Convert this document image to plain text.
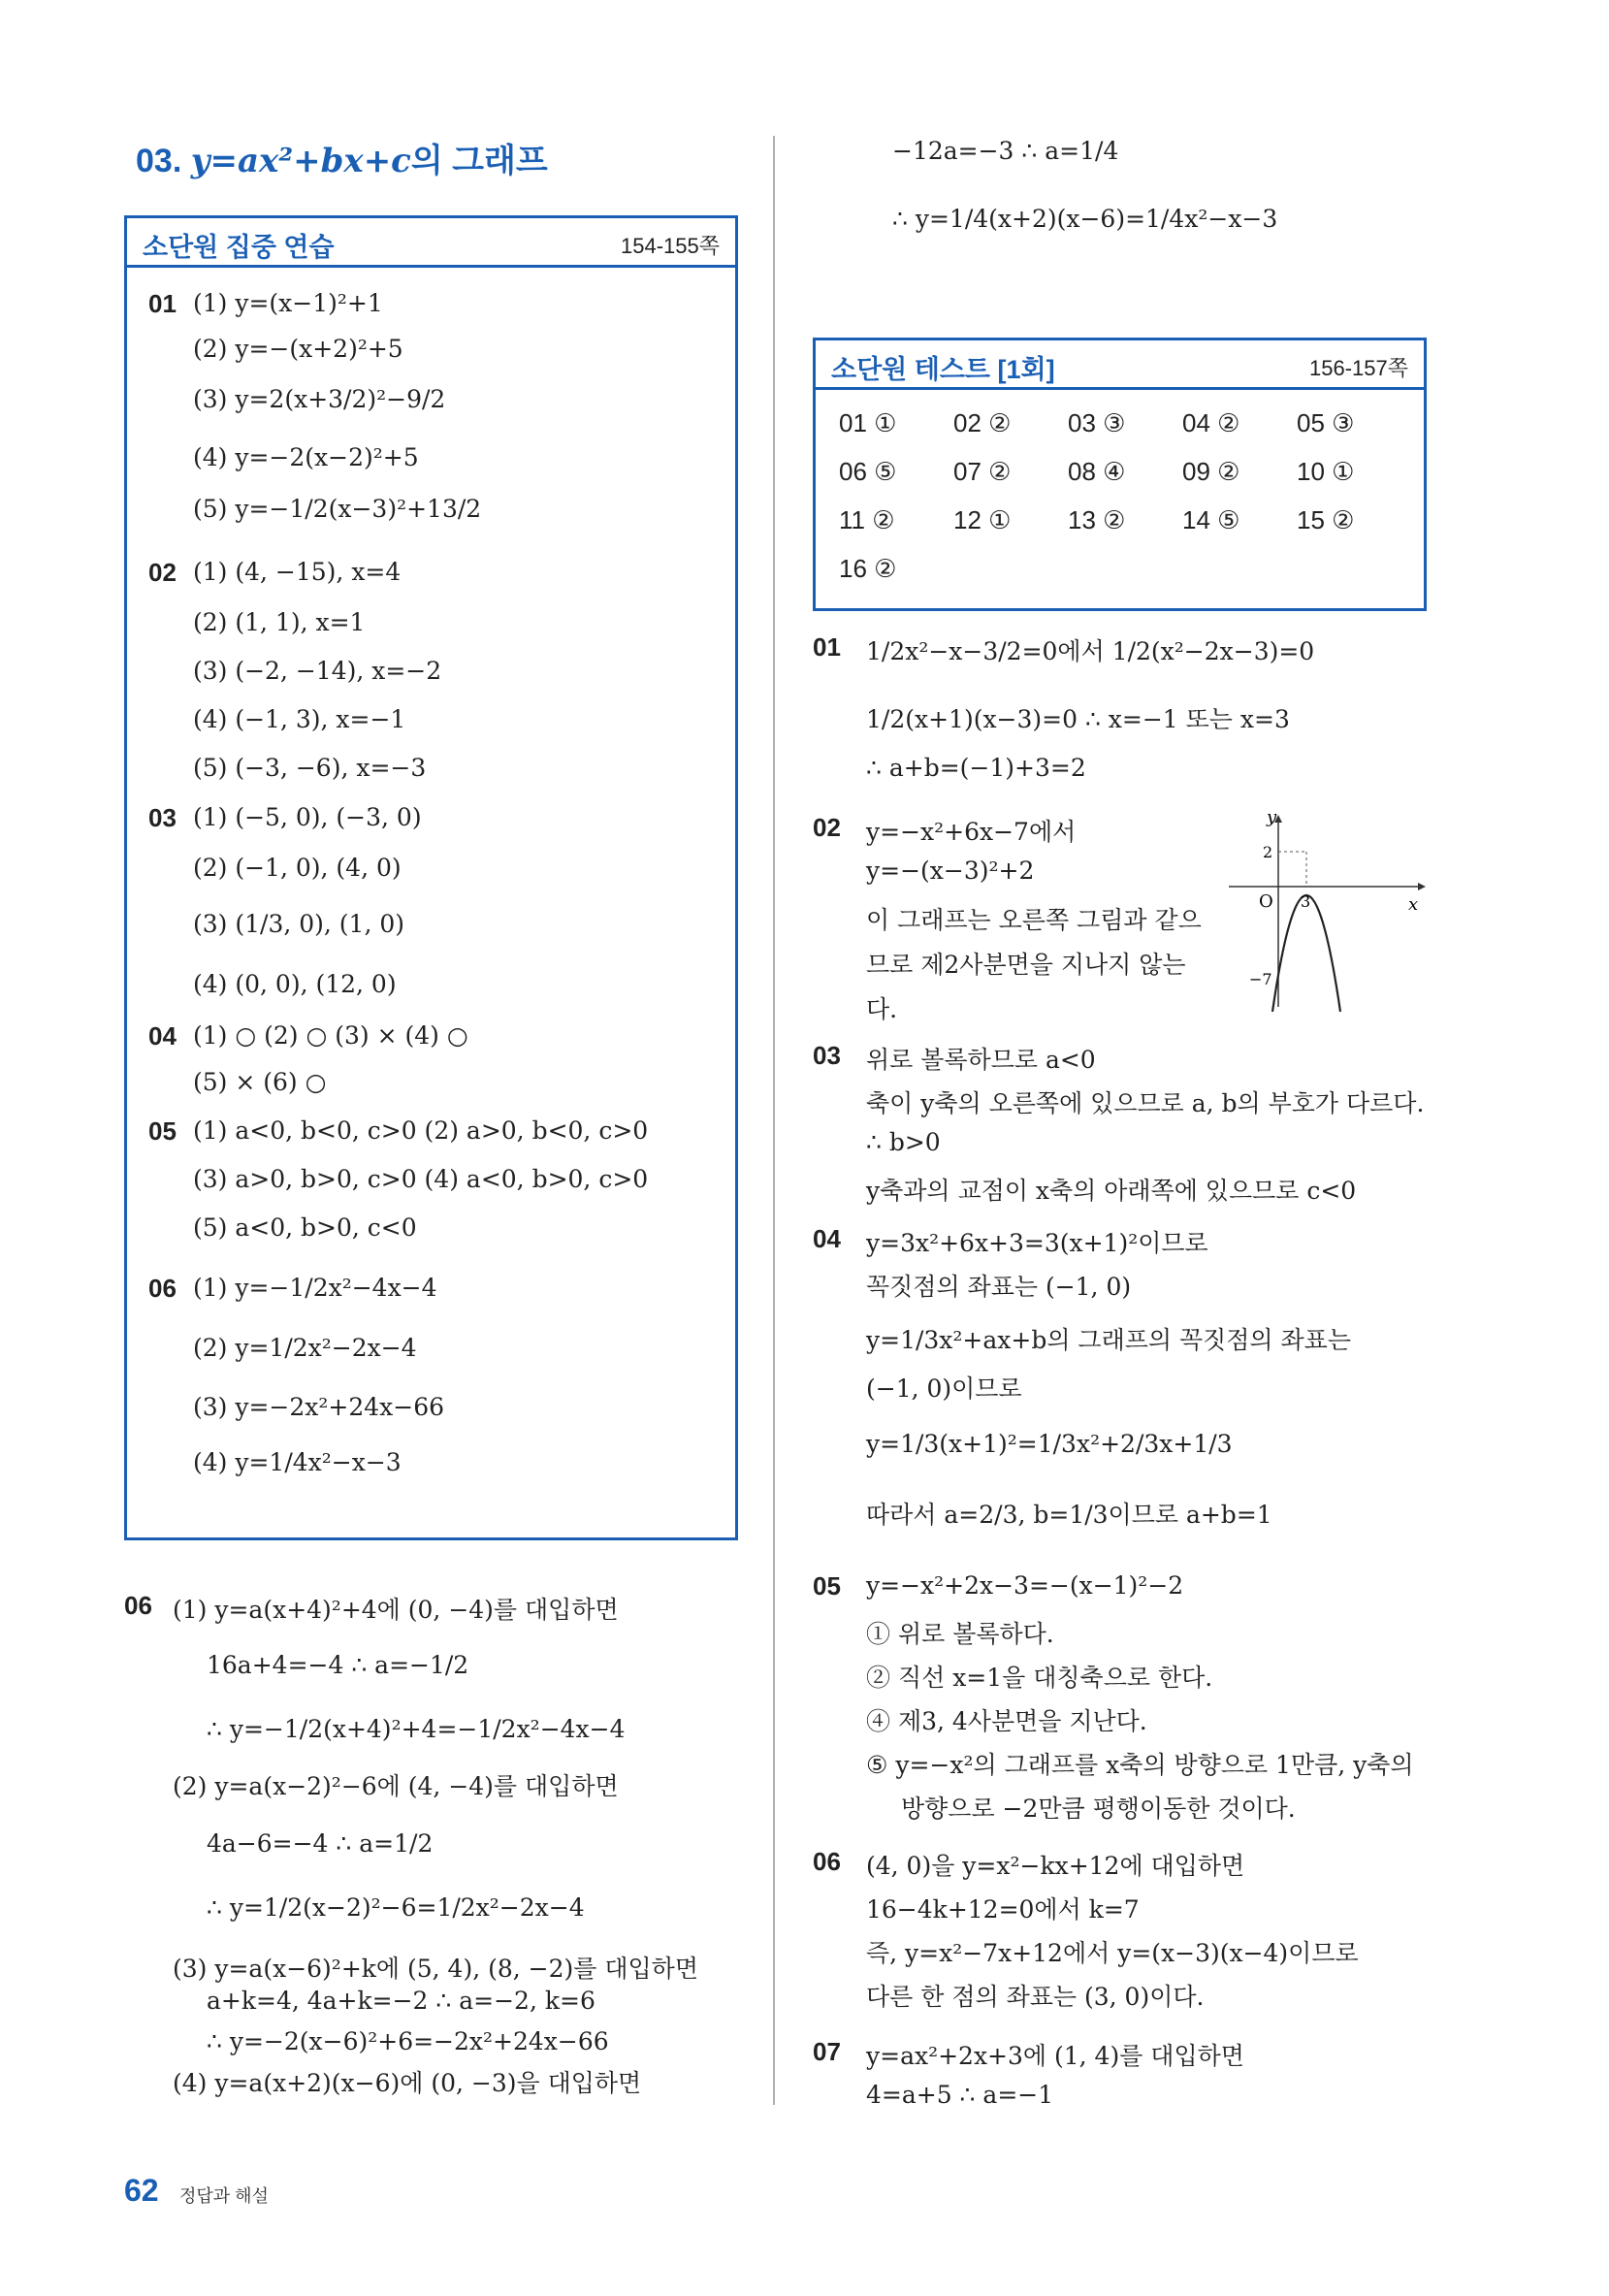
03. y=ax²+bx+c의 그래프
소단원 집중 연습	154-155쪽
01 (1) y=(x−1)²+1
(2) y=−(x+2)²+5
(3) y=2(x+3/2)²−9/2
(4) y=−2(x−2)²+5
(5) y=−1/2(x−3)²+13/2
02 (1) (4, −15), x=4
(2) (1, 1), x=1
(3) (−2, −14), x=−2
(4) (−1, 3), x=−1
(5) (−3, −6), x=−3
03 (1) (−5, 0), (−3, 0)
(2) (−1, 0), (4, 0)
(3) (1/3, 0), (1, 0)
(4) (0, 0), (12, 0)
04 (1) ○ (2) ○ (3) × (4) ○
(5) × (6) ○
05 (1) a<0, b<0, c>0 (2) a>0, b<0, c>0
(3) a>0, b>0, c>0 (4) a<0, b>0, c>0
(5) a<0, b>0, c<0
06 (1) y=−1/2x²−4x−4
(2) y=1/2x²−2x−4
(3) y=−2x²+24x−66
(4) y=1/4x²−x−3
06 (1) y=a(x+4)²+4에 (0, −4)를 대입하면
16a+4=−4 ∴ a=−1/2
∴ y=−1/2(x+4)²+4=−1/2x²−4x−4
(2) y=a(x−2)²−6에 (4, −4)를 대입하면
4a−6=−4 ∴ a=1/2
∴ y=1/2(x−2)²−6=1/2x²−2x−4
(3) y=a(x−6)²+k에 (5, 4), (8, −2)를 대입하면
a+k=4, 4a+k=−2 ∴ a=−2, k=6
∴ y=−2(x−6)²+6=−2x²+24x−66
(4) y=a(x+2)(x−6)에 (0, −3)을 대입하면
−12a=−3 ∴ a=1/4
∴ y=1/4(x+2)(x−6)=1/4x²−x−3
소단원 테스트 [1회]	156-157쪽
01 ① 02 ② 03 ③ 04 ② 05 ③
06 ⑤ 07 ② 08 ④ 09 ② 10 ①
11 ② 12 ① 13 ② 14 ⑤ 15 ②
16 ②
01 1/2x²−x−3/2=0에서 1/2(x²−2x−3)=0
1/2(x+1)(x−3)=0 ∴ x=−1 또는 x=3
∴ a+b=(−1)+3=2
02 y=−x²+6x−7에서
y=−(x−3)²+2
이 그래프는 오른쪽 그림과 같으
므로 제2사분면을 지나지 않는
다.
03 위로 볼록하므로 a<0
축이 y축의 오른쪽에 있으므로 a, b의 부호가 다르다.
∴ b>0
y축과의 교점이 x축의 아래쪽에 있으므로 c<0
04 y=3x²+6x+3=3(x+1)²이므로
꼭짓점의 좌표는 (−1, 0)
y=1/3x²+ax+b의 그래프의 꼭짓점의 좌표는
(−1, 0)이므로
y=1/3(x+1)²=1/3x²+2/3x+1/3
따라서 a=2/3, b=1/3이므로 a+b=1
05 y=−x²+2x−3=−(x−1)²−2
① 위로 볼록하다.
② 직선 x=1을 대칭축으로 한다.
④ 제3, 4사분면을 지난다.
⑤ y=−x²의 그래프를 x축의 방향으로 1만큼, y축의
방향으로 −2만큼 평행이동한 것이다.
06 (4, 0)을 y=x²−kx+12에 대입하면
16−4k+12=0에서 k=7
즉, y=x²−7x+12에서 y=(x−3)(x−4)이므로
다른 한 점의 좌표는 (3, 0)이다.
07 y=ax²+2x+3에 (1, 4)를 대입하면
4=a+5 ∴ a=−1
y
x
O
2
3
−7
62 정답과 해설
